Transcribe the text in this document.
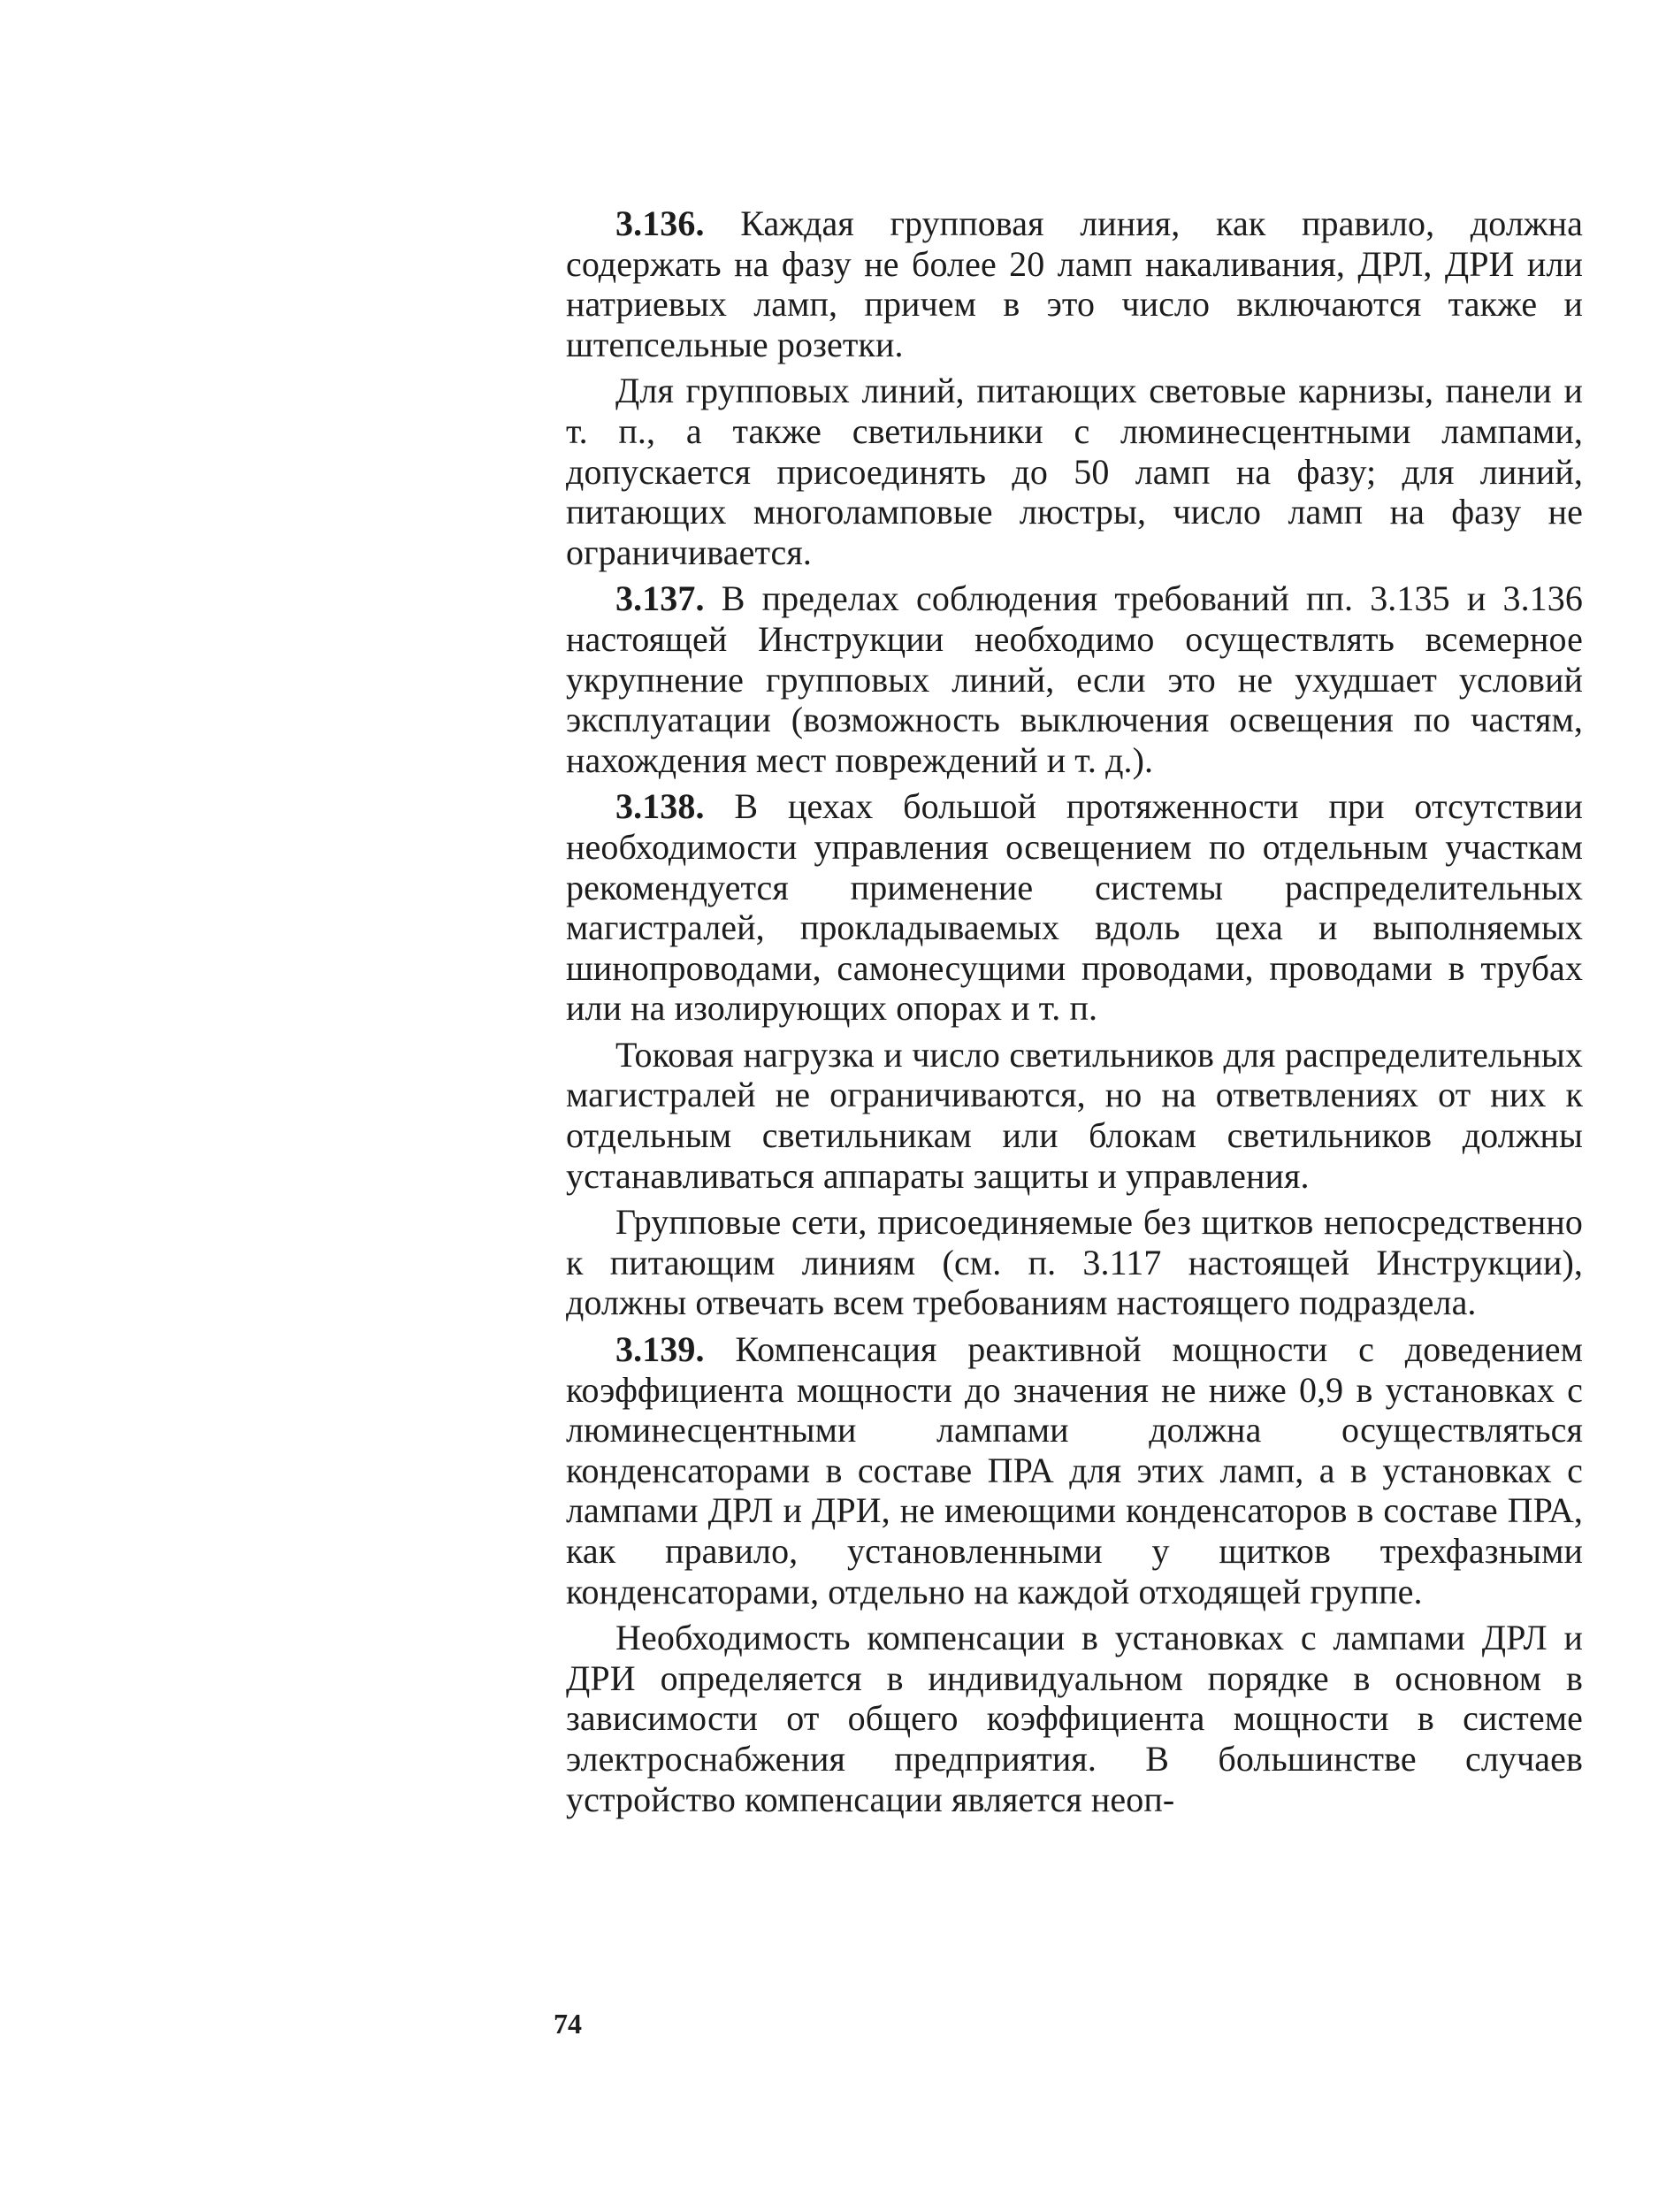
3.136. Каждая групповая линия, как правило, должна содержать на фазу не более 20 ламп накаливания, ДРЛ, ДРИ или натриевых ламп, причем в это число включаются также и штепсельные розетки.

Для групповых линий, питающих световые карнизы, панели и т. п., а также светильники с люминесцентными лампами, допускается присоединять до 50 ламп на фазу; для линий, питающих многоламповые люстры, число ламп на фазу не ограничивается.

3.137. В пределах соблюдения требований пп. 3.135 и 3.136 настоящей Инструкции необходимо осуществлять всемерное укрупнение групповых линий, если это не ухудшает условий эксплуатации (возможность выключения освещения по частям, нахождения мест повреждений и т. д.).

3.138. В цехах большой протяженности при отсутствии необходимости управления освещением по отдельным участкам рекомендуется применение системы распределительных магистралей, прокладываемых вдоль цеха и выполняемых шинопроводами, самонесущими проводами, проводами в трубах или на изолирующих опорах и т. п.

Токовая нагрузка и число светильников для распределительных магистралей не ограничиваются, но на ответвлениях от них к отдельным светильникам или блокам светильников должны устанавливаться аппараты защиты и управления.

Групповые сети, присоединяемые без щитков непосредственно к питающим линиям (см. п. 3.117 настоящей Инструкции), должны отвечать всем требованиям настоящего подраздела.

3.139. Компенсация реактивной мощности с доведением коэффициента мощности до значения не ниже 0,9 в установках с люминесцентными лампами должна осуществляться конденсаторами в составе ПРА для этих ламп, а в установках с лампами ДРЛ и ДРИ, не имеющими конденсаторов в составе ПРА, как правило, установленными у щитков трехфазными конденсаторами, отдельно на каждой отходящей группе.

Необходимость компенсации в установках с лампами ДРЛ и ДРИ определяется в индивидуальном порядке в основном в зависимости от общего коэффициента мощности в системе электроснабжения предприятия. В большинстве случаев устройство компенсации является неоп-

74
